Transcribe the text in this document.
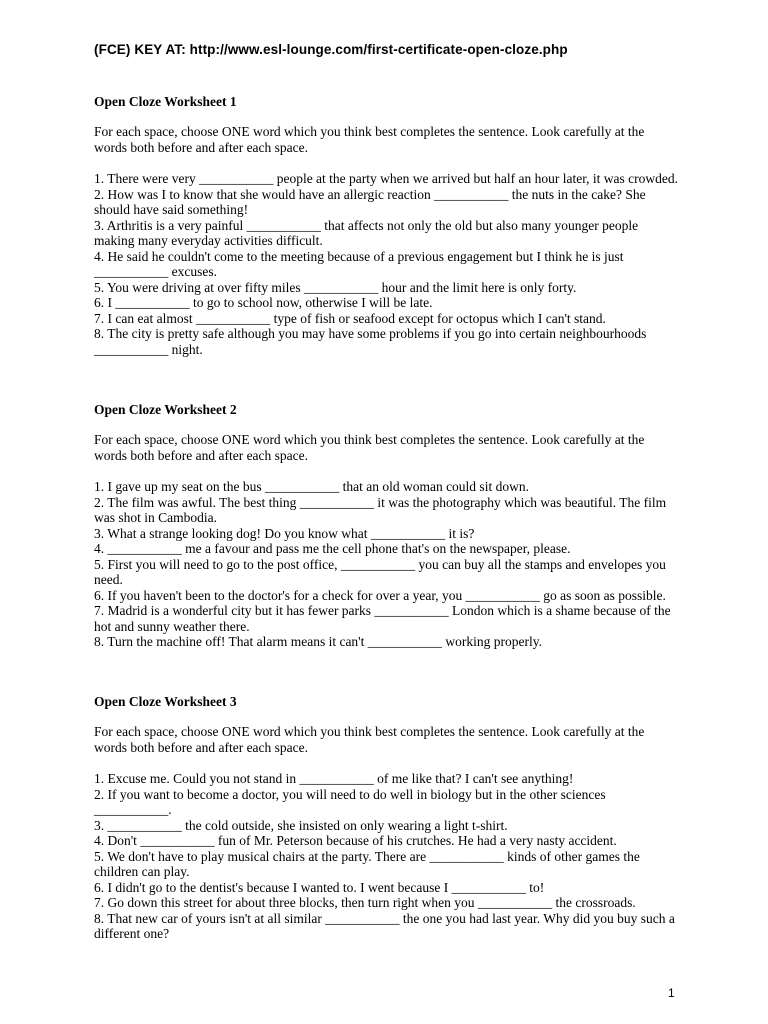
(FCE) KEY AT: http://www.esl-lounge.com/first-certificate-open-cloze.php
Open Cloze Worksheet 1
For each space, choose ONE word which you think best completes the sentence. Look carefully at the words both before and after each space.

1. There were very ___________ people at the party when we arrived but half an hour later, it was crowded.

2. How was I to know that she would have an allergic reaction ___________ the nuts in the cake? She should have said something!

3. Arthritis is a very painful ___________ that affects not only the old but also many younger people making many everyday activities difficult.

4. He said he couldn't come to the meeting because of a previous engagement but I think he is just ___________ excuses.

5. You were driving at over fifty miles ___________ hour and the limit here is only forty.

6. I ___________ to go to school now, otherwise I will be late.

7. I can eat almost ___________ type of fish or seafood except for octopus which I can't stand.

8. The city is pretty safe although you may have some problems if you go into certain neighbourhoods ___________ night.

Open Cloze Worksheet 2
For each space, choose ONE word which you think best completes the sentence. Look carefully at the words both before and after each space.

1. I gave up my seat on the bus ___________ that an old woman could sit down.

2. The film was awful. The best thing ___________ it was the photography which was beautiful. The film was shot in Cambodia.

3. What a strange looking dog! Do you know what ___________ it is?

4. ___________ me a favour and pass me the cell phone that's on the newspaper, please.

5. First you will need to go to the post office, ___________ you can buy all the stamps and envelopes you need.

6. If you haven't been to the doctor's for a check for over a year, you ___________ go as soon as possible.

7. Madrid is a wonderful city but it has fewer parks ___________ London which is a shame because of the hot and sunny weather there.

8. Turn the machine off! That alarm means it can't ___________ working properly.

Open Cloze Worksheet 3
For each space, choose ONE word which you think best completes the sentence. Look carefully at the words both before and after each space.

1. Excuse me. Could you not stand in ___________ of me like that? I can't see anything!

2. If you want to become a doctor, you will need to do well in biology but in the other sciences ___________.

3. ___________ the cold outside, she insisted on only wearing a light t-shirt.

4. Don't ___________ fun of Mr. Peterson because of his crutches. He had a very nasty accident.

5. We don't have to play musical chairs at the party. There are ___________ kinds of other games the children can play.

6. I didn't go to the dentist's because I wanted to. I went because I ___________ to!

7. Go down this street for about three blocks, then turn right when you ___________ the crossroads.

8. That new car of yours isn't at all similar ___________ the one you had last year. Why did you buy such a different one?

1
